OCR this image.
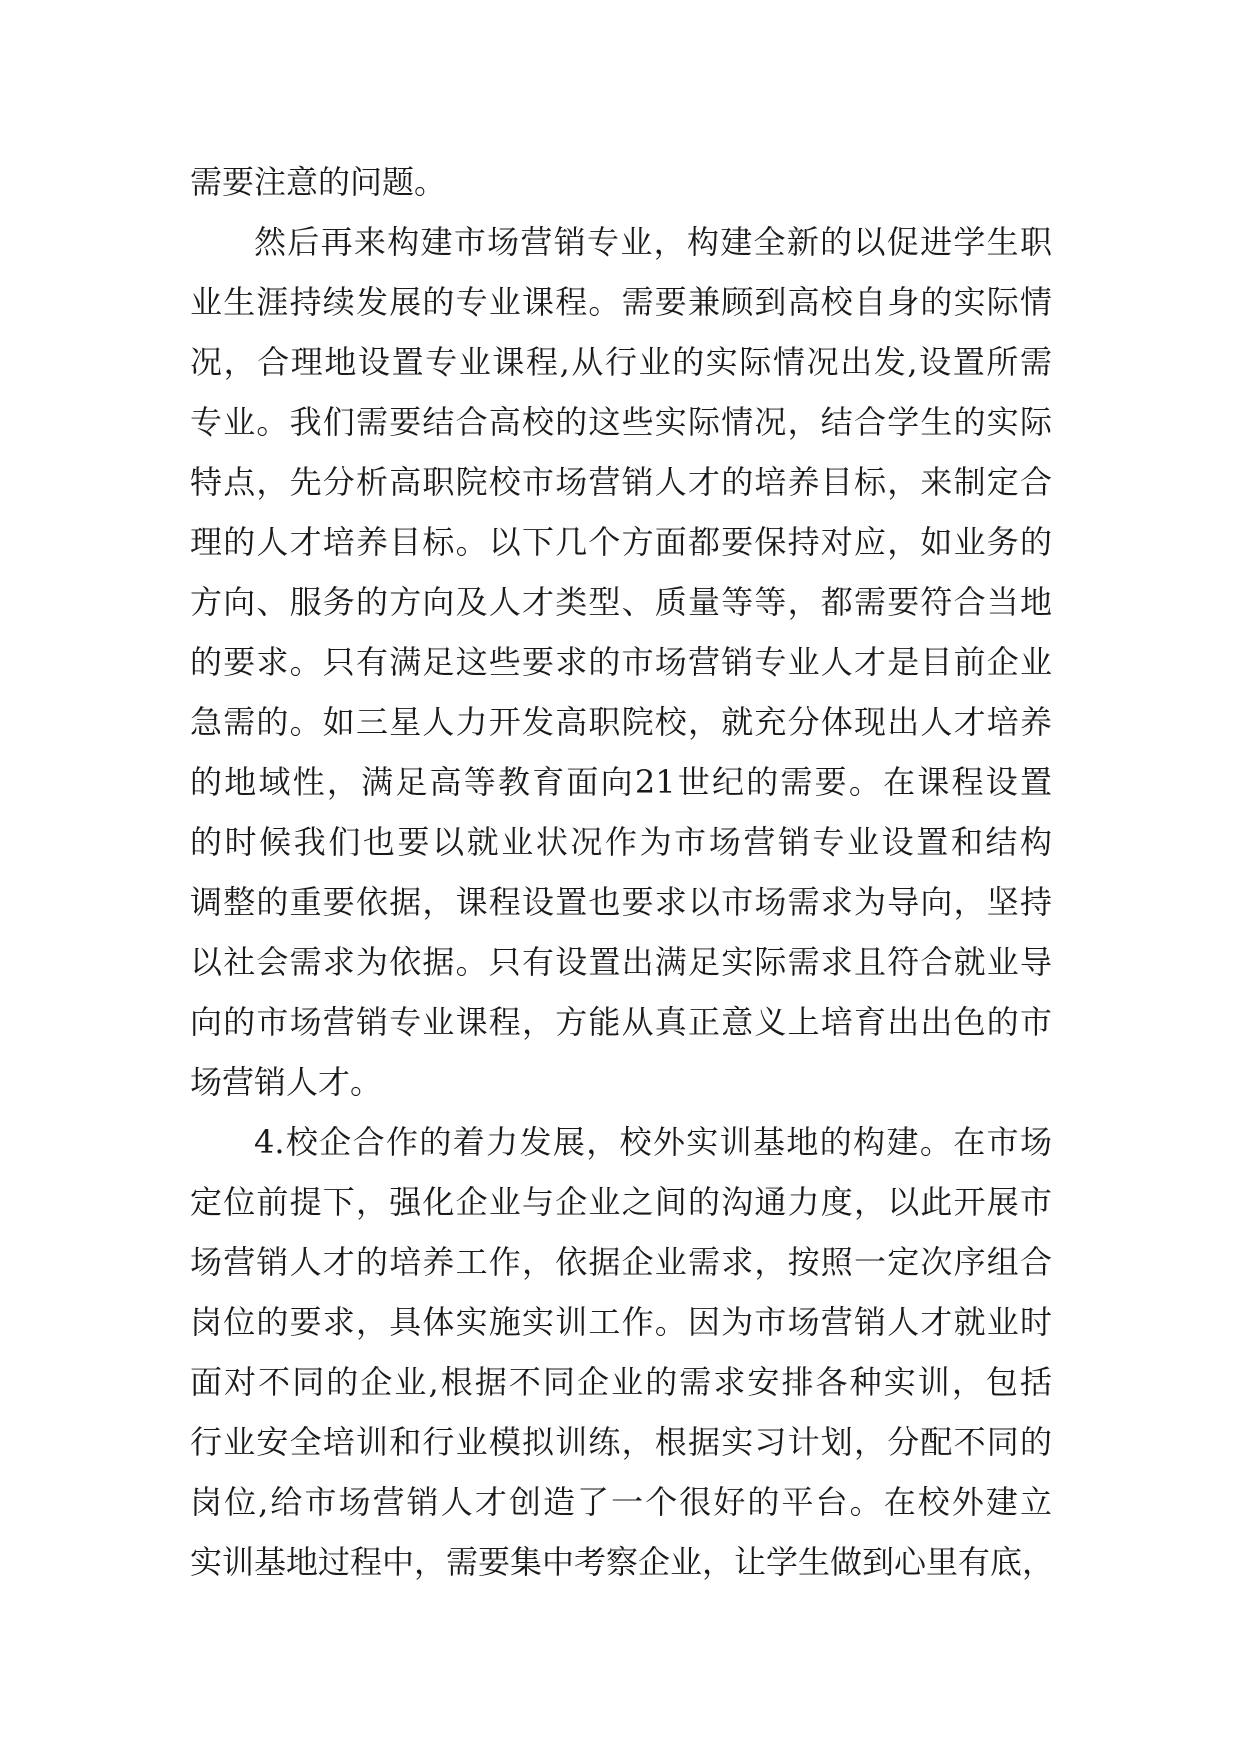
需要注意的问题。
然后再来构建市场营销专业，构建全新的以促进学生职
业生涯持续发展的专业课程。需要兼顾到高校自身的实际情
况，合理地设置专业课程,从行业的实际情况出发,设置所需
专业。我们需要结合高校的这些实际情况，结合学生的实际
特点，先分析高职院校市场营销人才的培养目标，来制定合
理的人才培养目标。以下几个方面都要保持对应，如业务的
方向、服务的方向及人才类型、质量等等，都需要符合当地
的要求。只有满足这些要求的市场营销专业人才是目前企业
急需的。如三星人力开发高职院校，就充分体现出人才培养
的地域性，满足高等教育面向21世纪的需要。在课程设置
的时候我们也要以就业状况作为市场营销专业设置和结构
调整的重要依据，课程设置也要求以市场需求为导向，坚持
以社会需求为依据。只有设置出满足实际需求且符合就业导
向的市场营销专业课程，方能从真正意义上培育出出色的市
场营销人才。
4.校企合作的着力发展，校外实训基地的构建。在市场
定位前提下，强化企业与企业之间的沟通力度，以此开展市
场营销人才的培养工作，依据企业需求，按照一定次序组合
岗位的要求，具体实施实训工作。因为市场营销人才就业时
面对不同的企业,根据不同企业的需求安排各种实训，包括
行业安全培训和行业模拟训练，根据实习计划，分配不同的
岗位,给市场营销人才创造了一个很好的平台。在校外建立
实训基地过程中，需要集中考察企业，让学生做到心里有底，
